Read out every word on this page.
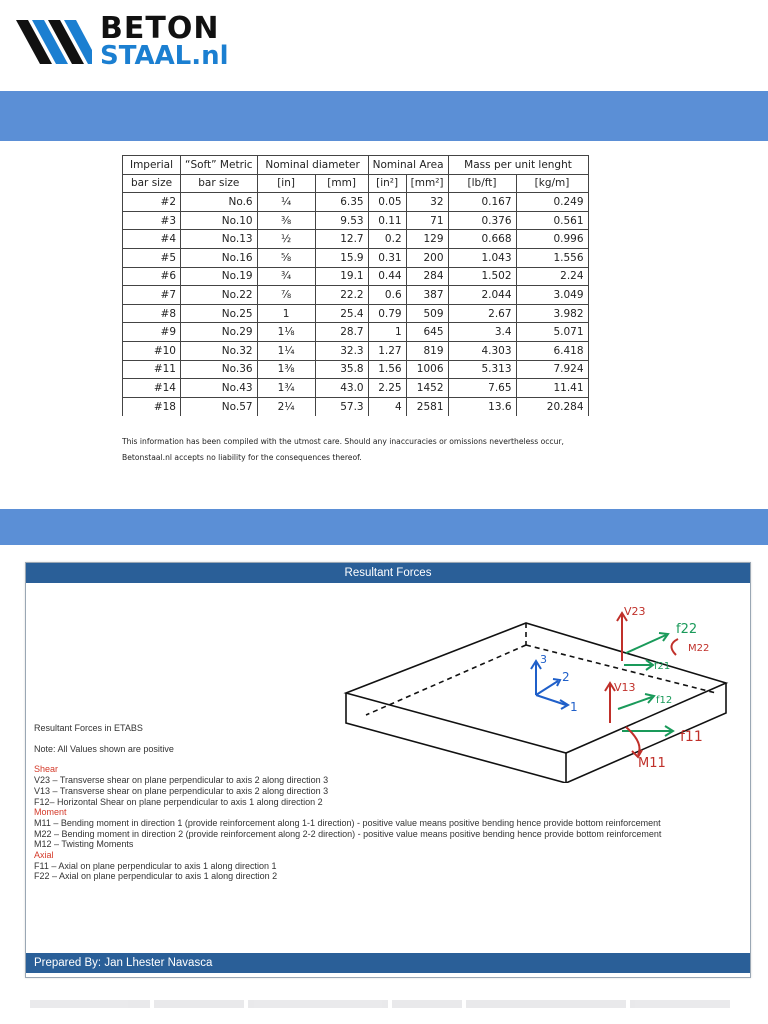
BETON
STAAL.nl
Imperial	“Soft” Metric	Nominal diameter		Nominal Area		Mass per unit lenght	
bar size	bar size	[in]	[mm]	[in²]	[mm²]	[lb/ft]	[kg/m]
#2	No.6	¼	6.35	0.05	32	0.167	0.249
#3	No.10	⅜	9.53	0.11	71	0.376	0.561
#4	No.13	½	12.7	0.2	129	0.668	0.996
#5	No.16	⅝	15.9	0.31	200	1.043	1.556
#6	No.19	¾	19.1	0.44	284	1.502	2.24
#7	No.22	⅞	22.2	0.6	387	2.044	3.049
#8	No.25	1	25.4	0.79	509	2.67	3.982
#9	No.29	1⅛	28.7	1	645	3.4	5.071
#10	No.32	1¼	32.3	1.27	819	4.303	6.418
#11	No.36	1⅜	35.8	1.56	1006	5.313	7.924
#14	No.43	1¾	43.0	2.25	1452	7.65	11.41
#18	No.57	2¼	57.3	4	2581	13.6	20.284
This information has been compiled with the utmost care. Should any inaccuracies or omissions nevertheless occur,
Betonstaal.nl accepts no liability for the consequences thereof.
Resultant Forces
3
2
1
V23
V13
f22
M22
f21
f12
f11
M11
Resultant Forces in ETABS
Note: All Values shown are positive
Shear
V23 – Transverse shear on plane perpendicular to axis 2 along direction 3
V13 – Transverse shear on plane perpendicular to axis 2 along direction 3
F12– Horizontal Shear on plane perpendicular to axis 1 along direction 2
Moment
M11 – Bending moment in direction 1 (provide reinforcement along 1-1 direction) - positive value means positive bending hence provide bottom reinforcement
M22 – Bending moment in direction 2 (provide reinforcement along 2-2 direction) - positive value means positive bending hence provide bottom reinforcement
M12 – Twisting Moments
Axial
F11 – Axial on plane perpendicular to axis 1 along direction 1
F22 – Axial on plane perpendicular to axis 1 along direction 2
Prepared By: Jan Lhester Navasca
